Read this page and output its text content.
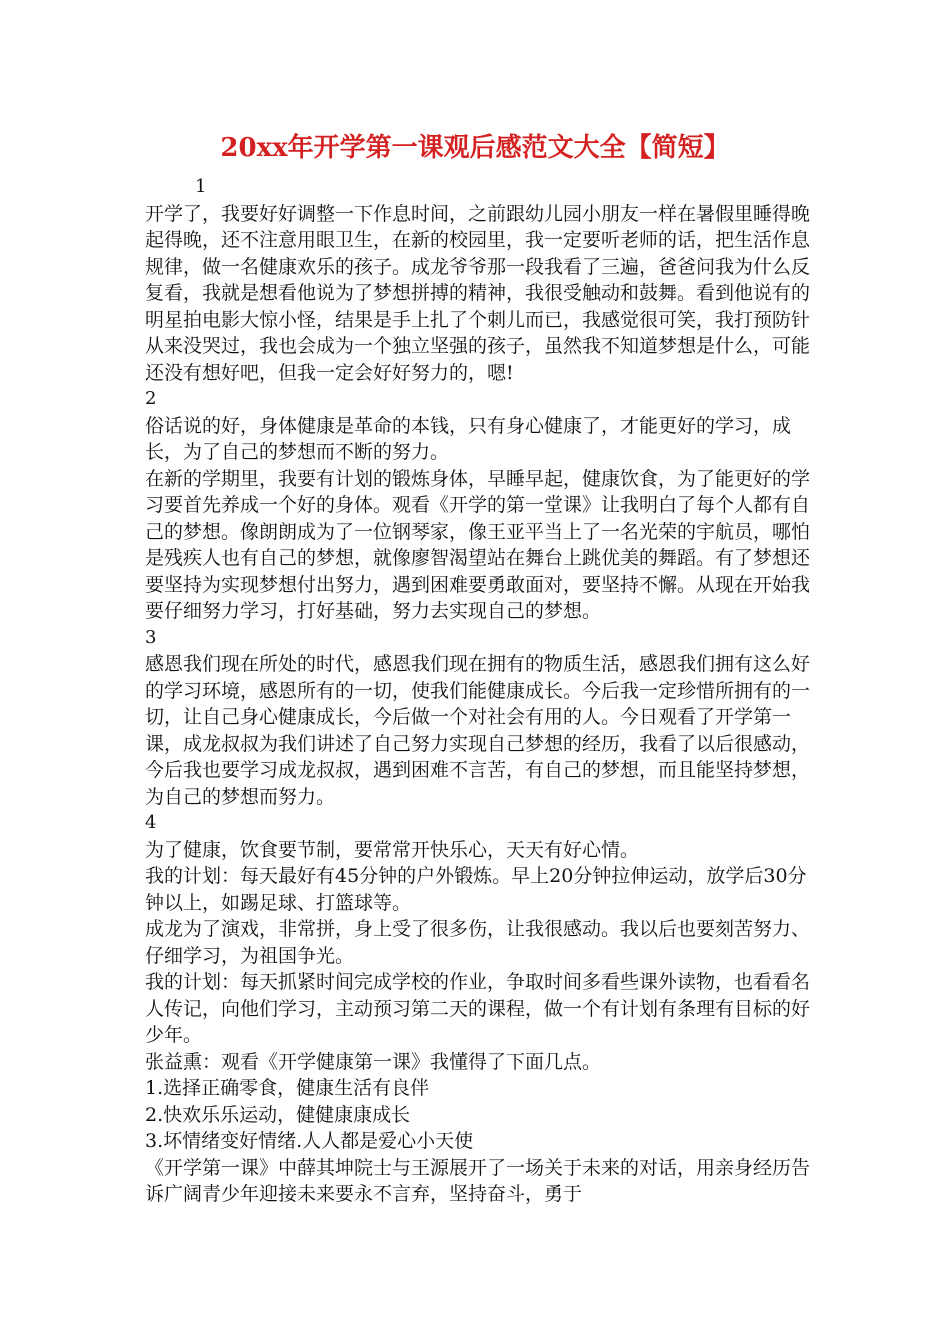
20xx年开学第一课观后感范文大全【简短】
1

开学了，我要好好调整一下作息时间，之前跟幼儿园小朋友一样在暑假里睡得晚起得晚，还不注意用眼卫生，在新的校园里，我一定要听老师的话，把生活作息规律，做一名健康欢乐的孩子。成龙爷爷那一段我看了三遍，爸爸问我为什么反复看，我就是想看他说为了梦想拼搏的精神，我很受触动和鼓舞。看到他说有的明星拍电影大惊小怪，结果是手上扎了个刺儿而已，我感觉很可笑，我打预防针从来没哭过，我也会成为一个独立坚强的孩子，虽然我不知道梦想是什么，可能还没有想好吧，但我一定会好好努力的，嗯!

2

俗话说的好，身体健康是革命的本钱，只有身心健康了，才能更好的学习，成长，为了自己的梦想而不断的努力。

在新的学期里，我要有计划的锻炼身体，早睡早起，健康饮食，为了能更好的学习要首先养成一个好的身体。观看《开学的第一堂课》让我明白了每个人都有自己的梦想。像朗朗成为了一位钢琴家，像王亚平当上了一名光荣的宇航员，哪怕是残疾人也有自己的梦想，就像廖智渴望站在舞台上跳优美的舞蹈。有了梦想还要坚持为实现梦想付出努力，遇到困难要勇敢面对，要坚持不懈。从现在开始我要仔细努力学习，打好基础，努力去实现自己的梦想。

3

感恩我们现在所处的时代，感恩我们现在拥有的物质生活，感恩我们拥有这么好的学习环境，感恩所有的一切，使我们能健康成长。今后我一定珍惜所拥有的一切，让自己身心健康成长，今后做一个对社会有用的人。今日观看了开学第一课，成龙叔叔为我们讲述了自己努力实现自己梦想的经历，我看了以后很感动，今后我也要学习成龙叔叔，遇到困难不言苦，有自己的梦想，而且能坚持梦想，为自己的梦想而努力。

4

为了健康，饮食要节制，要常常开快乐心，天天有好心情。

我的计划：每天最好有45分钟的户外锻炼。早上20分钟拉伸运动，放学后30分钟以上，如踢足球、打篮球等。

成龙为了演戏，非常拼，身上受了很多伤，让我很感动。我以后也要刻苦努力、仔细学习，为祖国争光。

我的计划：每天抓紧时间完成学校的作业，争取时间多看些课外读物，也看看名人传记，向他们学习，主动预习第二天的课程，做一个有计划有条理有目标的好少年。

张益熏：观看《开学健康第一课》我懂得了下面几点。

1.选择正确零食，健康生活有良伴

2.快欢乐乐运动，健健康康成长

3.坏情绪变好情绪.人人都是爱心小天使

《开学第一课》中薛其坤院士与王源展开了一场关于未来的对话，用亲身经历告诉广阔青少年迎接未来要永不言弃，坚持奋斗，勇于
